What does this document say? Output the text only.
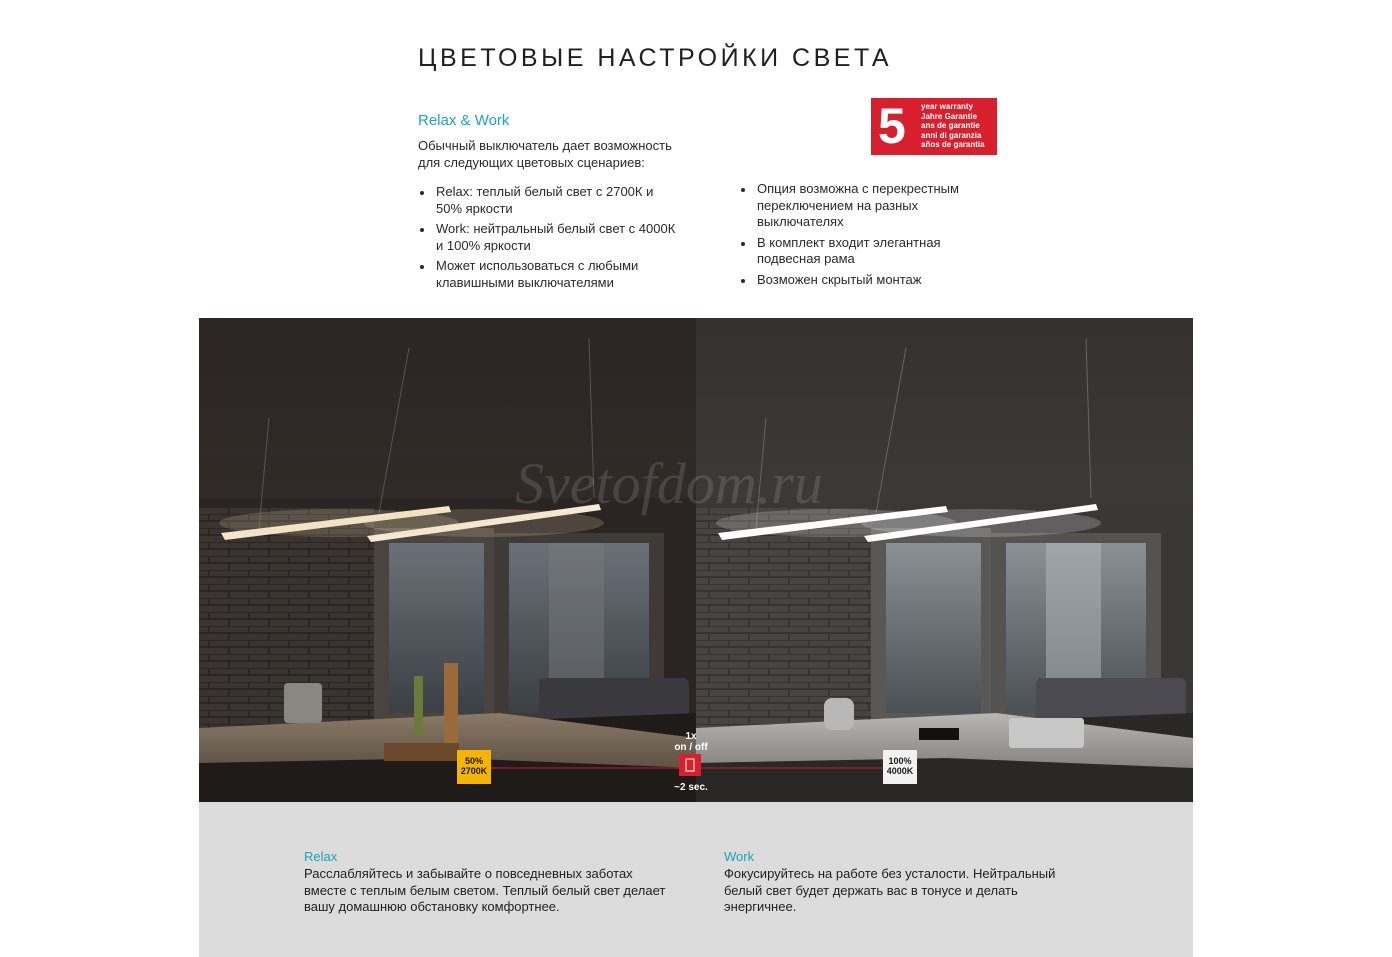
ЦВЕТОВЫЕ НАСТРОЙКИ СВЕТА
Relax & Work

Обычный выключатель дает возможность для следующих цветовых сценариев:

Relax: теплый белый свет с 2700К и 50% яркости
Work: нейтральный белый свет с 4000К и 100% яркости
Может использоваться с любыми клавишными выключателями
5 year warranty
Jahre Garantie
ans de garantie
anni di garanzia
años de garantía
Опция возможна с перекрестным переключением на разных выключателях
В комплект входит элегантная подвесная рама
Возможен скрытый монтаж
Svetofdom.ru
50%
2700K
1x
on / off
~2 sec.
100%
4000K
Relax
Расслабляйтесь и забывайте о повседневных заботах
вместе с теплым белым светом. Теплый белый свет делает
вашу домашнюю обстановку комфортнее.
Work
Фокусируйтесь на работе без усталости. Нейтральный
белый свет будет держать вас в тонусе и делать
энергичнее.
